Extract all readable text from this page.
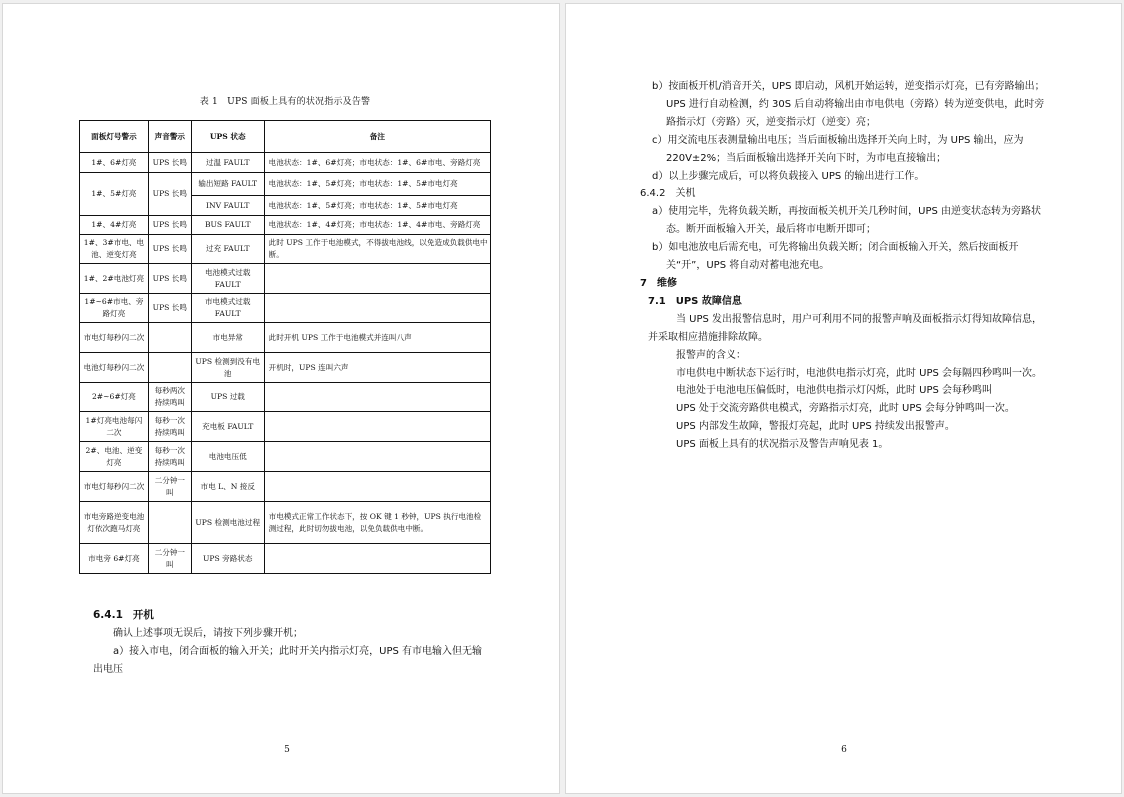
表 1　UPS 面板上具有的状况指示及告警
面板灯号警示	声音警示	UPS 状态	备注
1#、6#灯亮	UPS 长鸣	过温 FAULT	电池状态：1#、6#灯亮；市电状态：1#、6#市电、旁路灯亮
1#、5#灯亮	UPS 长鸣	输出短路 FAULT	电池状态：1#、5#灯亮；市电状态：1#、5#市电灯亮
		INV FAULT	电池状态：1#、5#灯亮；市电状态：1#、5#市电灯亮
1#、4#灯亮	UPS 长鸣	BUS FAULT	电池状态：1#、4#灯亮；市电状态：1#、4#市电、旁路灯亮
1#、3#市电、电池、逆变灯亮	UPS 长鸣	过充 FAULT	此时 UPS 工作于电池模式，不得拔电池线，以免造成负载供电中断。
1#、2#电池灯亮	UPS 长鸣	电池模式过载 FAULT	
1#~6#市电、旁路灯亮	UPS 长鸣	市电模式过载 FAULT	
市电灯每秒闪二次		市电异常	此时开机 UPS 工作于电池模式并连叫八声
电池灯每秒闪二次		UPS 检测到没有电池	开机时，UPS 连叫六声
2#~6#灯亮	每秒两次持续鸣叫	UPS 过载	
1#灯亮电池每闪二次	每秒一次持续鸣叫	充电板 FAULT	
2#、电池、逆变灯亮	每秒一次持续鸣叫	电池电压低	
市电灯每秒闪二次	二分钟一叫	市电 L、N 接反	
市电旁路逆变电池灯依次跑马灯亮		UPS 检测电池过程	市电模式正常工作状态下，按 OK 键 1 秒钟，UPS 执行电池检测过程，此时切勿拔电池，以免负载供电中断。
市电旁 6#灯亮	二分钟一叫	UPS 旁路状态	
6.4.1 开机

确认上述事项无误后，请按下列步骤开机；

a）接入市电，闭合面板的输入开关；此时开关内指示灯亮，UPS 有市电输入但无输出电压

5

b）按面板开机/消音开关，UPS 即启动，风机开始运转，逆变指示灯亮，已有旁路输出；UPS 进行自动检测，约 30S 后自动将输出由市电供电（旁路）转为逆变供电，此时旁路指示灯（旁路）灭，逆变指示灯（逆变）亮；

c）用交流电压表测量输出电压；当后面板输出选择开关向上时，为 UPS 输出，应为 220V±2%；当后面板输出选择开关向下时，为市电直接输出；

d）以上步骤完成后，可以将负载接入 UPS 的输出进行工作。

6.4.2　关机

a）使用完毕，先将负载关断，再按面板关机开关几秒时间，UPS 由逆变状态转为旁路状态。断开面板输入开关，最后将市电断开即可；

b）如电池放电后需充电，可先将输出负载关断；闭合面板输入开关，然后按面板开关“开”，UPS 将自动对蓄电池充电。

7　维修

7.1　UPS 故障信息

当 UPS 发出报警信息时，用户可利用不同的报警声响及面板指示灯得知故障信息，并采取相应措施排除故障。

报警声的含义：

市电供电中断状态下运行时，电池供电指示灯亮，此时 UPS 会每隔四秒鸣叫一次。

电池处于电池电压偏低时，电池供电指示灯闪烁，此时 UPS 会每秒鸣叫

UPS 处于交流旁路供电模式，旁路指示灯亮，此时 UPS 会每分钟鸣叫一次。

UPS 内部发生故障，警报灯亮起，此时 UPS 持续发出报警声。

UPS 面板上具有的状况指示及警告声响见表 1。

6
